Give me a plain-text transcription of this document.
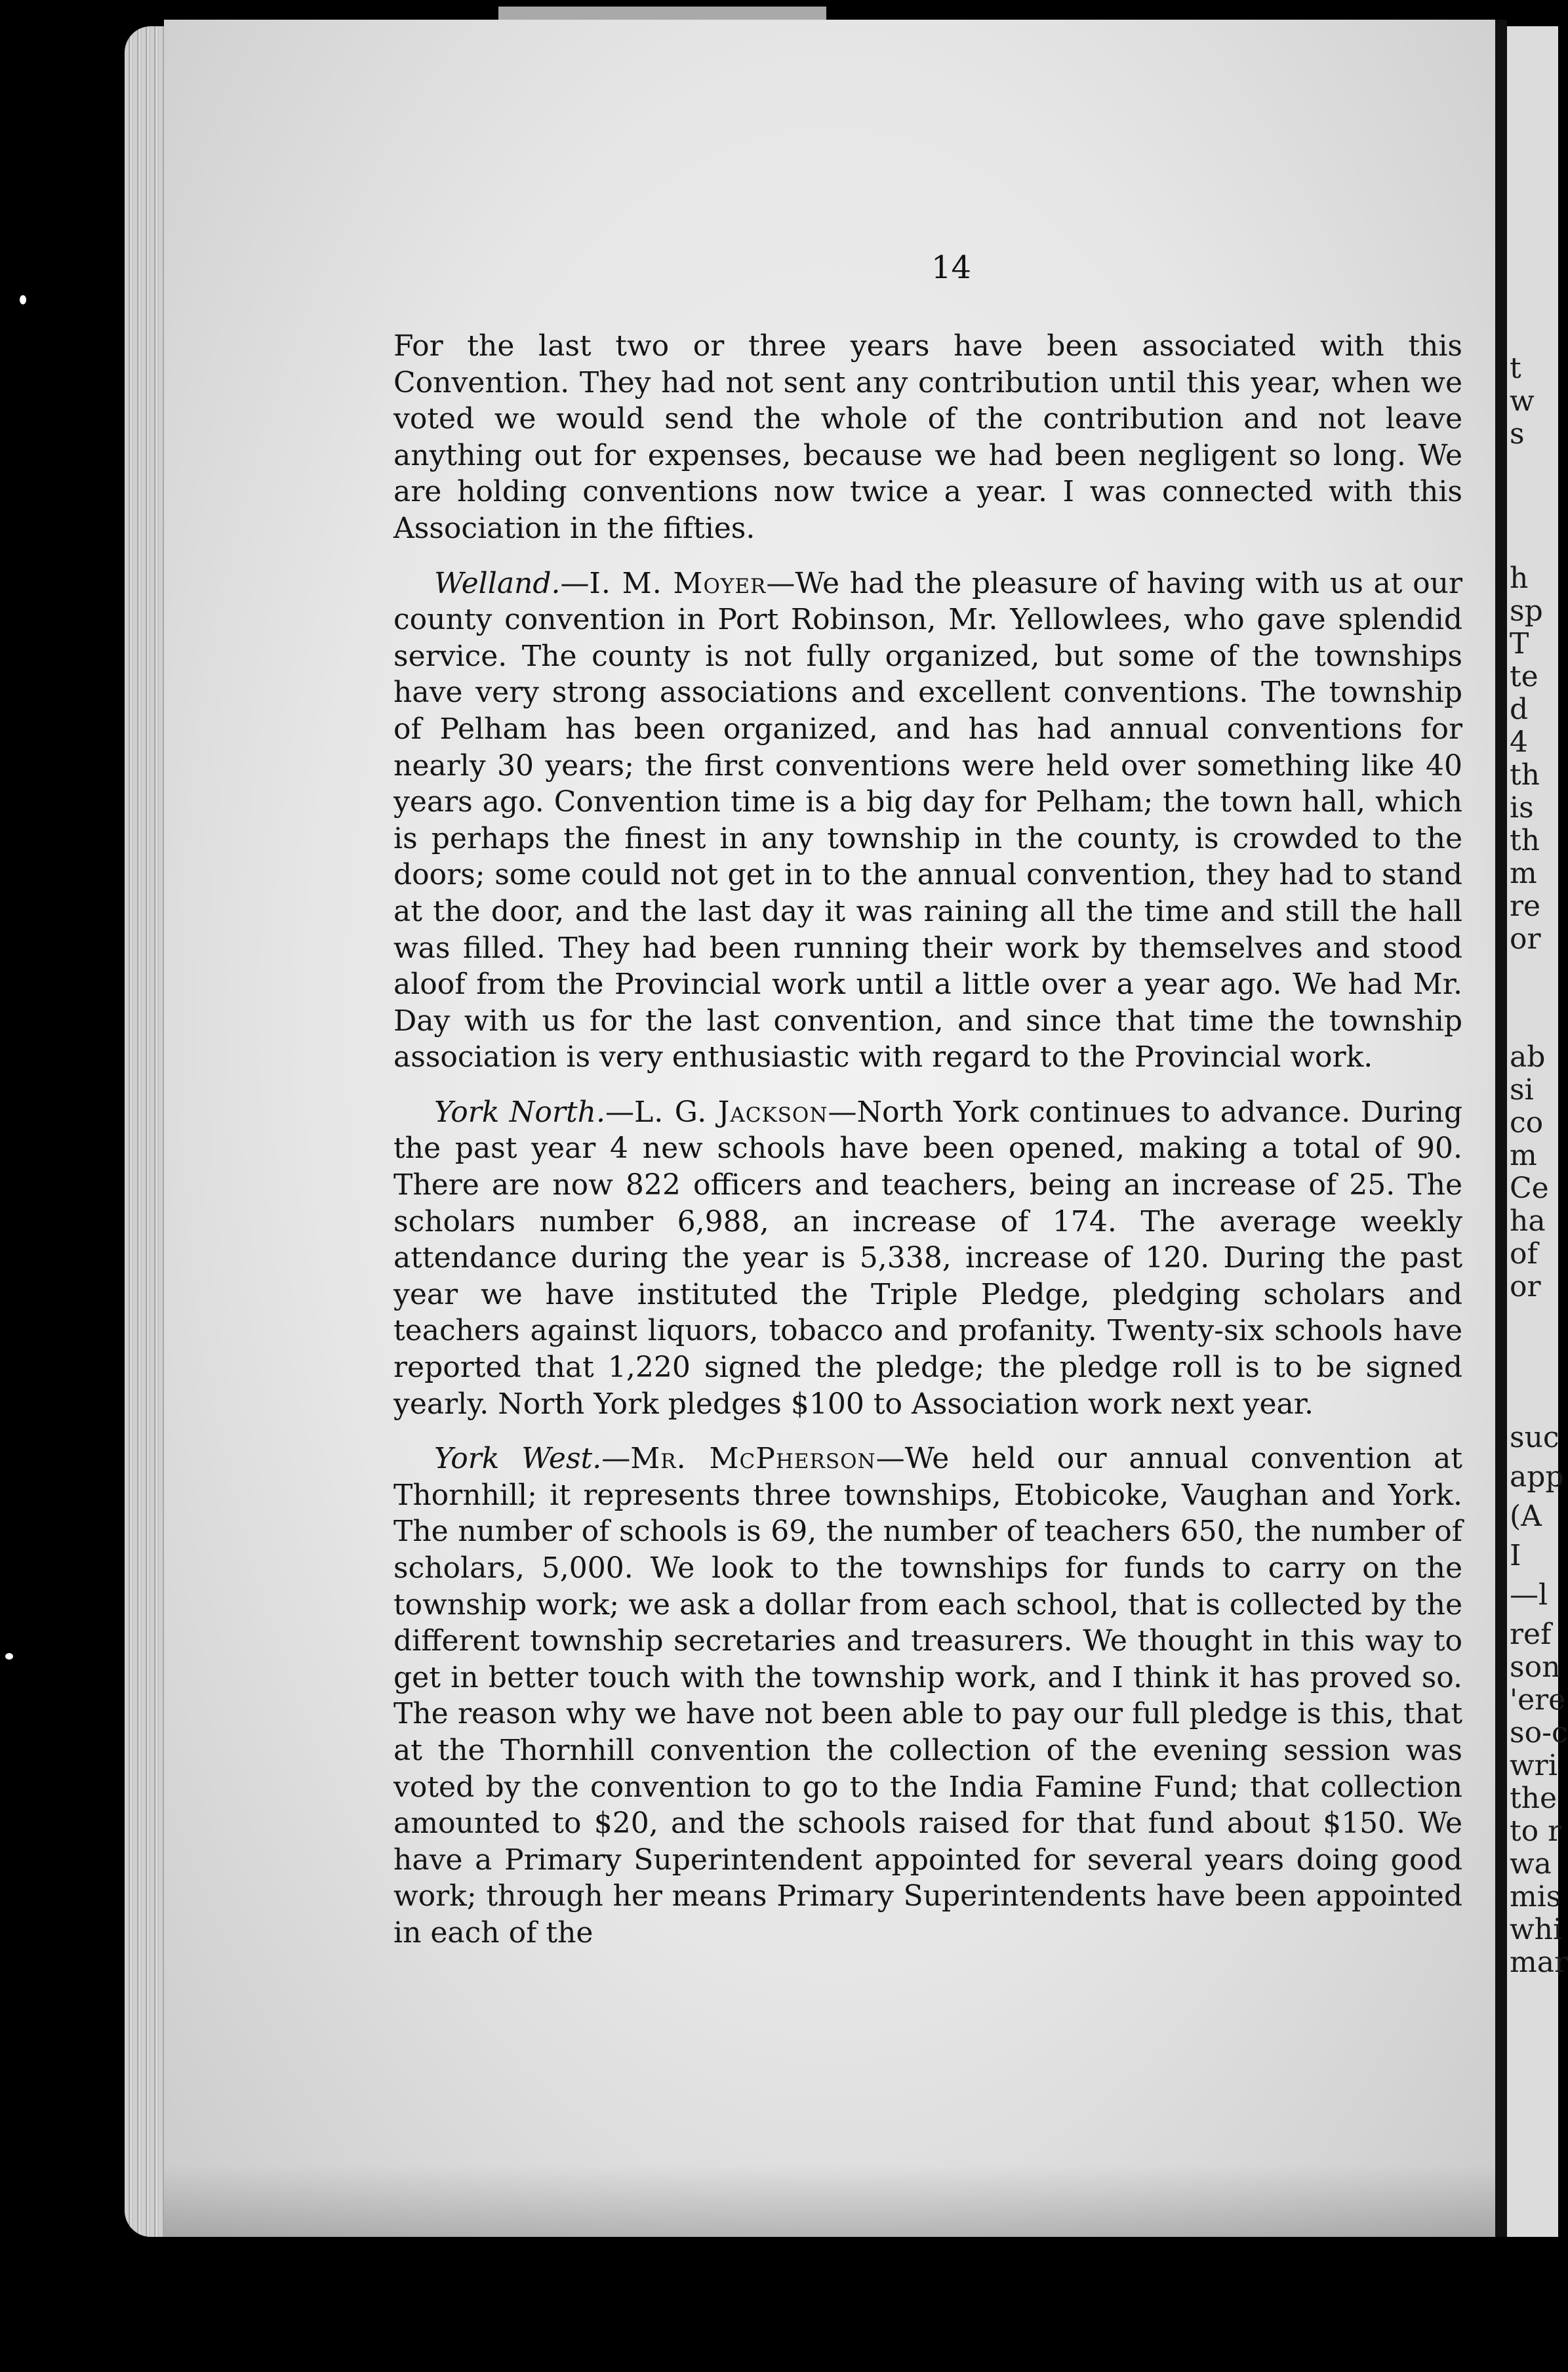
14

For the last two or three years have been associated with this Convention. They had not sent any contribution until this year, when we voted we would send the whole of the contribution and not leave anything out for expenses, because we had been negligent so long. We are holding conventions now twice a year. I was connected with this Association in the fifties.

Welland.—I. M. Moyer—We had the pleasure of having with us at our county convention in Port Robinson, Mr. Yellowlees, who gave splendid service. The county is not fully organized, but some of the townships have very strong associations and excellent conventions. The township of Pelham has been organized, and has had annual conventions for nearly 30 years; the first conventions were held over something like 40 years ago. Convention time is a big day for Pelham; the town hall, which is perhaps the finest in any township in the county, is crowded to the doors; some could not get in to the annual convention, they had to stand at the door, and the last day it was raining all the time and still the hall was filled. They had been running their work by themselves and stood aloof from the Provincial work until a little over a year ago. We had Mr. Day with us for the last convention, and since that time the township association is very enthusiastic with regard to the Provincial work.

York North.—L. G. Jackson—North York continues to advance. During the past year 4 new schools have been opened, making a total of 90. There are now 822 officers and teachers, being an increase of 25. The scholars number 6,988, an increase of 174. The average weekly attendance during the year is 5,338, increase of 120. During the past year we have instituted the Triple Pledge, pledging scholars and teachers against liquors, tobacco and profanity. Twenty-six schools have reported that 1,220 signed the pledge; the pledge roll is to be signed yearly. North York pledges $100 to Association work next year.

York West.—Mr. McPherson—We held our annual convention at Thornhill; it represents three townships, Etobicoke, Vaughan and York. The number of schools is 69, the number of teachers 650, the number of scholars, 5,000. We look to the townships for funds to carry on the township work; we ask a dollar from each school, that is collected by the different township secretaries and treasurers. We thought in this way to get in better touch with the township work, and I think it has proved so. The reason why we have not been able to pay our full pledge is this, that at the Thornhill convention the collection of the evening session was voted by the convention to go to the India Famine Fund; that collection amounted to $20, and the schools raised for that fund about $150. We have a Primary Superintendent appointed for several years doing good work; through her means Primary Superintendents have been appointed in each of the

t
w
s
h
sp
T
te
d
4
th
is
th
m
re
or
ab
si
co
m
Ce
ha
of
or
suc
app
(A
I
—l
ref
son
'ere
so-c
wri
the
to r
wa
mis
whi
mar
